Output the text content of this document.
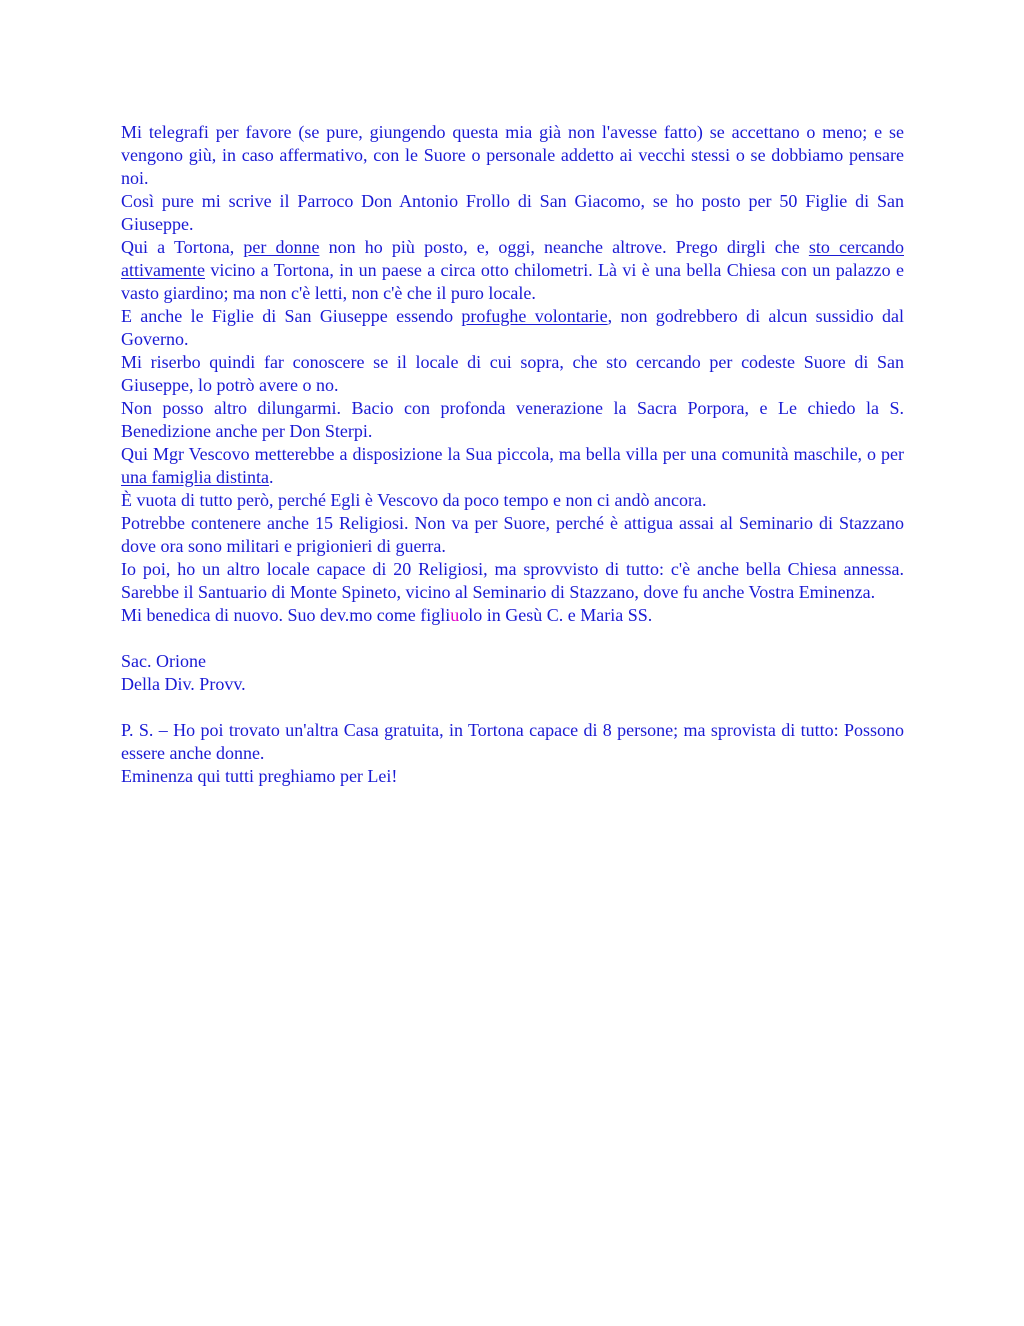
Mi telegrafi per favore (se pure, giungendo questa mia già non l'avesse fatto) se accettano o meno; e se vengono giù, in caso affermativo, con le Suore o personale addetto ai vecchi stessi o se dobbiamo pensare noi.

Così pure mi scrive il Parroco Don Antonio Frollo di San Giacomo, se ho posto per 50 Figlie di San Giuseppe.

Qui a Tortona, per donne non ho più posto, e, oggi, neanche altrove. Prego dirgli che sto cercando attivamente vicino a Tortona, in un paese a circa otto chilometri. Là vi è una bella Chiesa con un palazzo e vasto giardino; ma non c'è letti, non c'è che il puro locale.

E anche le Figlie di San Giuseppe essendo profughe volontarie, non godrebbero di alcun sussidio dal Governo.

Mi riserbo quindi far conoscere se il locale di cui sopra, che sto cercando per codeste Suore di San Giuseppe, lo potrò avere o no.

Non posso altro dilungarmi. Bacio con profonda venerazione la Sacra Porpora, e Le chiedo la S. Benedizione anche per Don Sterpi.

Qui Mgr Vescovo metterebbe a disposizione la Sua piccola, ma bella villa per una comunità maschile, o per una famiglia distinta.

È vuota di tutto però, perché Egli è Vescovo da poco tempo e non ci andò ancora.

Potrebbe contenere anche 15 Religiosi. Non va per Suore, perché è attigua assai al Seminario di Stazzano dove ora sono militari e prigionieri di guerra.

Io poi, ho un altro locale capace di 20 Religiosi, ma sprovvisto di tutto: c'è anche bella Chiesa annessa. Sarebbe il Santuario di Monte Spineto, vicino al Seminario di Stazzano, dove fu anche Vostra Eminenza.

Mi benedica di nuovo. Suo dev.mo come figliuolo in Gesù C. e Maria SS.

Sac. Orione

Della Div. Provv.

P. S. – Ho poi trovato un'altra Casa gratuita, in Tortona capace di 8 persone; ma sprovista di tutto: Possono essere anche donne.

Eminenza qui tutti preghiamo per Lei!
